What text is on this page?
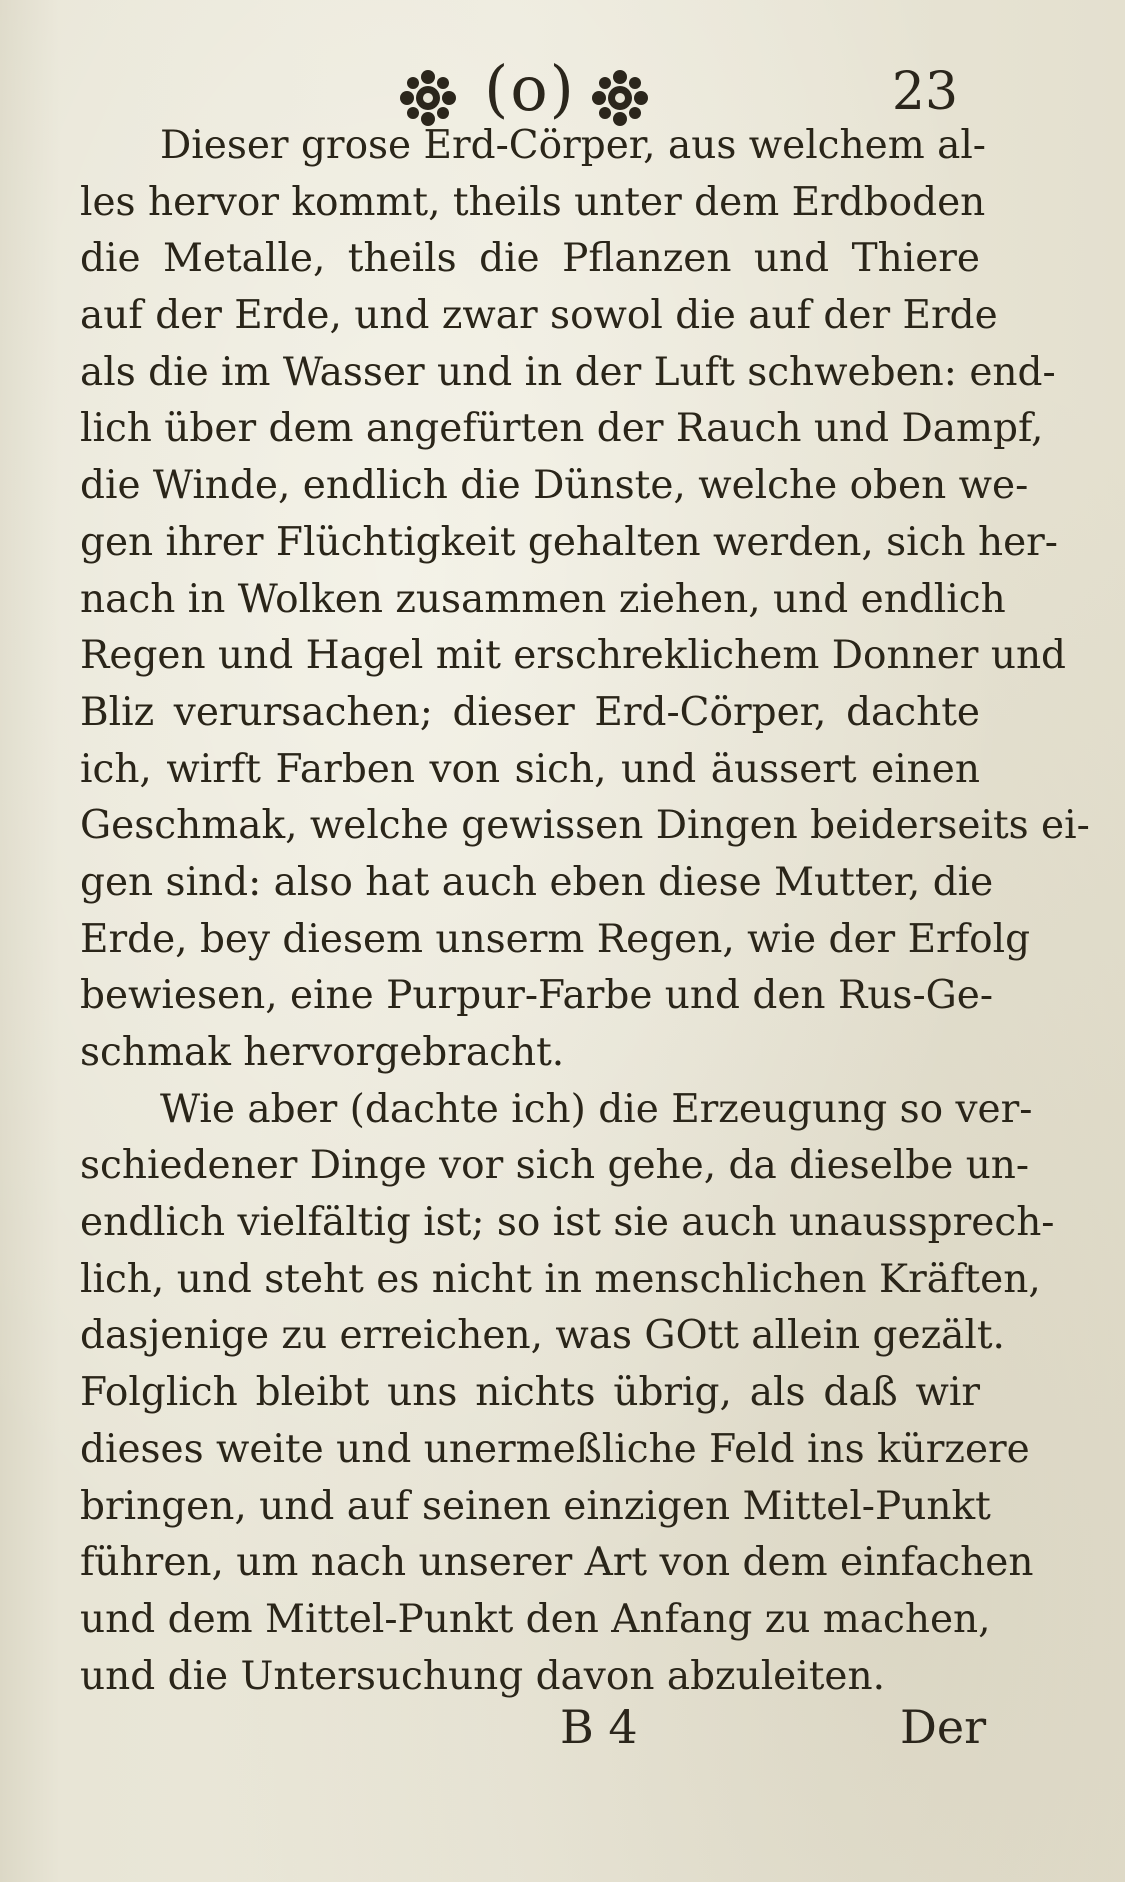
(o)	23
Dieser grose Erd-Cörper, aus welchem al-
les hervor kommt, theils unter dem Erdboden
die Metalle, theils die Pflanzen und Thiere
auf der Erde, und zwar sowol die auf der Erde
als die im Wasser und in der Luft schweben: end-
lich über dem angefürten der Rauch und Dampf,
die Winde, endlich die Dünste, welche oben we-
gen ihrer Flüchtigkeit gehalten werden, sich her-
nach in Wolken zusammen ziehen, und endlich
Regen und Hagel mit erschreklichem Donner und
Bliz verursachen; dieser Erd-Cörper, dachte
ich, wirft Farben von sich, und äussert einen
Geschmak, welche gewissen Dingen beiderseits ei-
gen sind: also hat auch eben diese Mutter, die
Erde, bey diesem unserm Regen, wie der Erfolg
bewiesen, eine Purpur-Farbe und den Rus-Ge-
schmak hervorgebracht.
Wie aber (dachte ich) die Erzeugung so ver-
schiedener Dinge vor sich gehe, da dieselbe un-
endlich vielfältig ist; so ist sie auch unaussprech-
lich, und steht es nicht in menschlichen Kräften,
dasjenige zu erreichen, was GOtt allein gezält.
Folglich bleibt uns nichts übrig, als daß wir
dieses weite und unermeßliche Feld ins kürzere
bringen, und auf seinen einzigen Mittel-Punkt
führen, um nach unserer Art von dem einfachen
und dem Mittel-Punkt den Anfang zu machen,
und die Untersuchung davon abzuleiten.
B 4	Der
